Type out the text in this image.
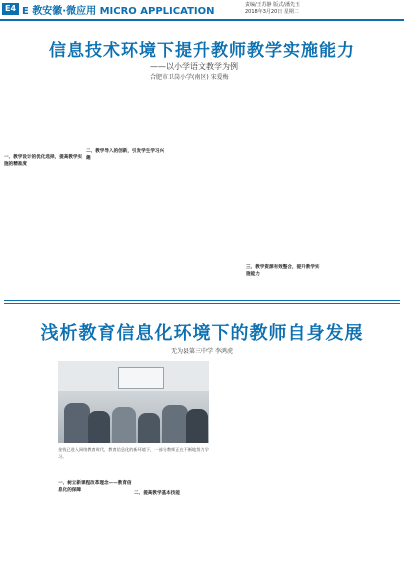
E4 E 教安徽·微应用 MICRO APPLICATION
责编/王苏静 版式/潘先玉
2018年3月20日 星期二
信息技术环境下提升教师教学实施能力
——以小学语文教学为例
合肥市卫岗小学(南区) 宋爱梅
一、教学设计的优化选择，提高教学实施的精准度
二、教学导入的创新，引发学生学习兴趣
三、教学资源有效整合，提升教学实施能力
浅析教育信息化环境下的教师自身发展
无为县第三中学 李鸿虎
金钱已进入网络教育时代，教育信息化的新环境下，一部分教师正在不断地努力学习。
一、树立新课程改革理念——教育信息化的保障
二、提高教学基本技能
